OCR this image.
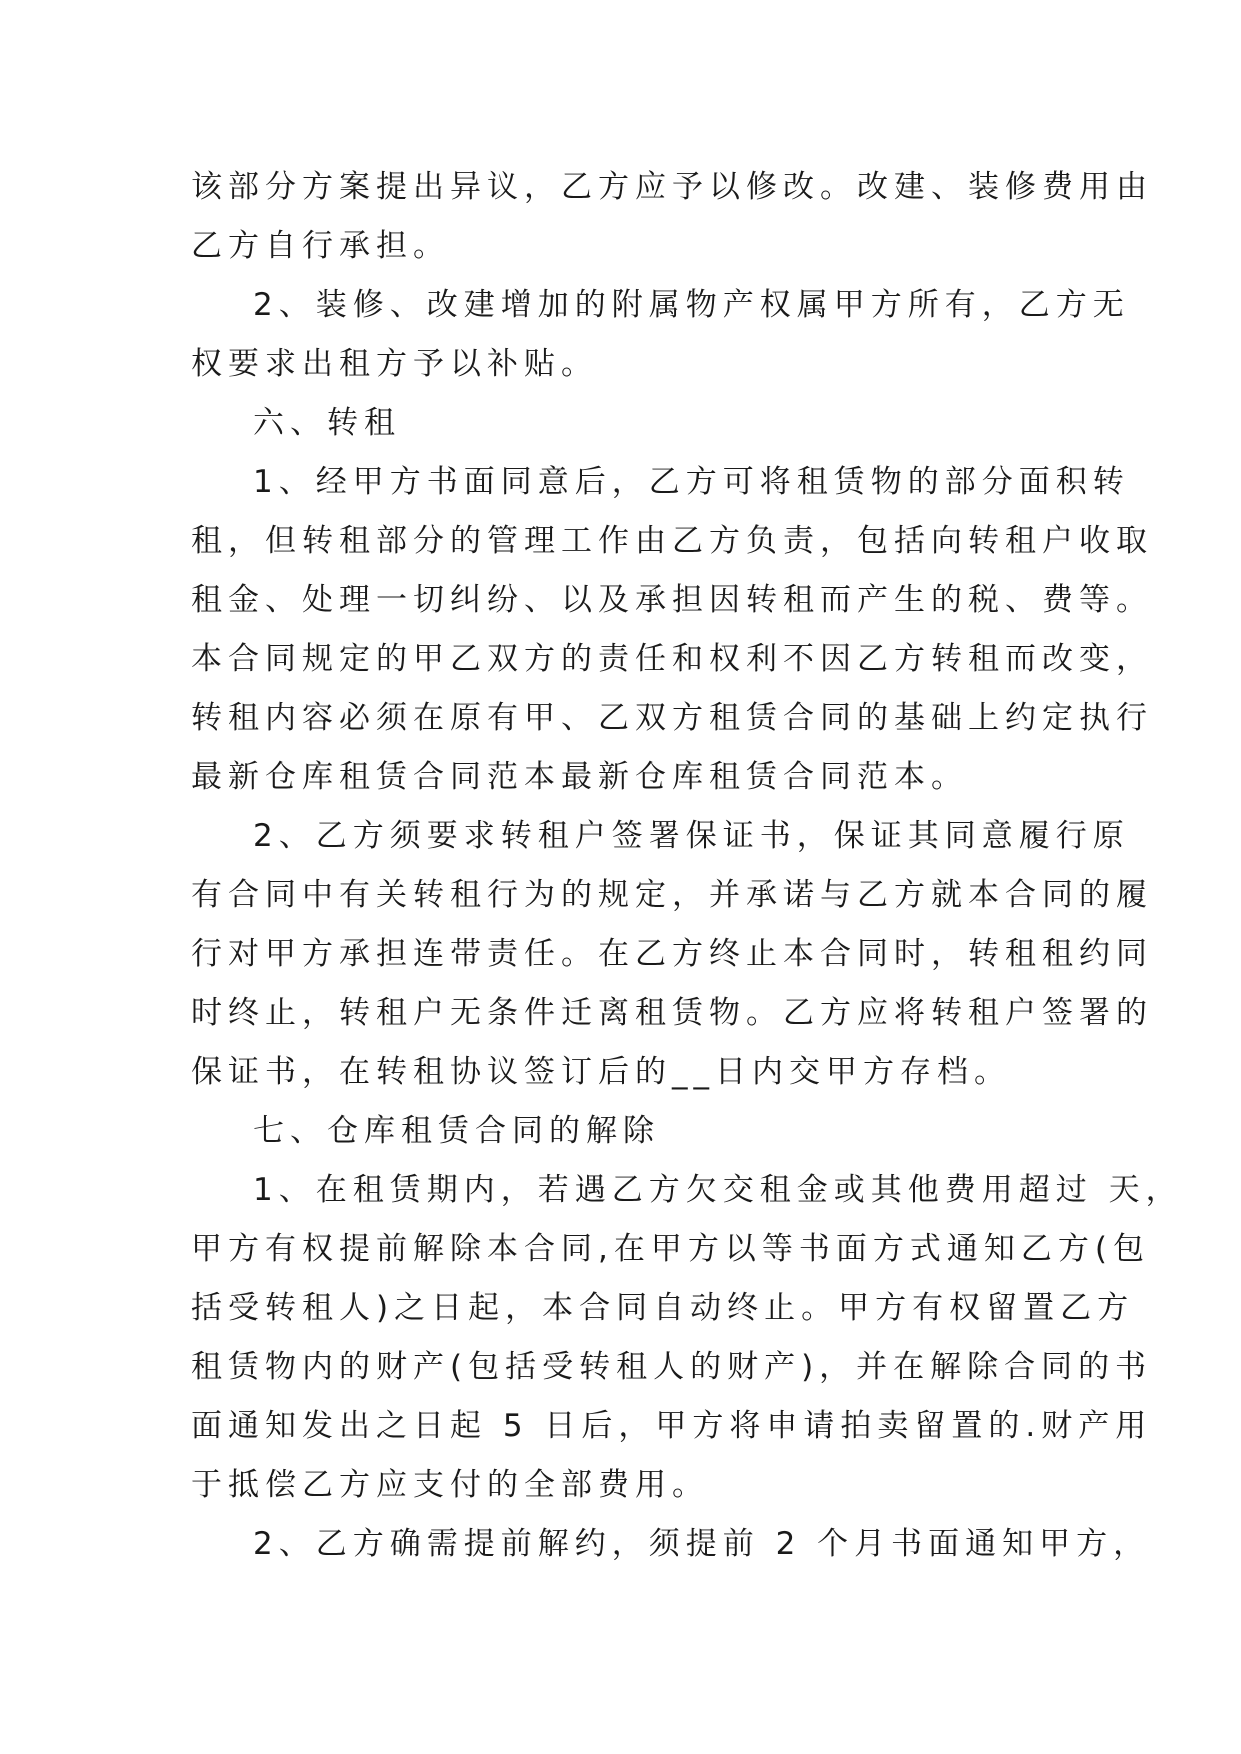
该部分方案提出异议，乙方应予以修改。改建、装修费用由
乙方自行承担。
2、装修、改建增加的附属物产权属甲方所有，乙方无
权要求出租方予以补贴。
六、转租
1、经甲方书面同意后，乙方可将租赁物的部分面积转
租，但转租部分的管理工作由乙方负责，包括向转租户收取
租金、处理一切纠纷、以及承担因转租而产生的税、费等。
本合同规定的甲乙双方的责任和权利不因乙方转租而改变，
转租内容必须在原有甲、乙双方租赁合同的基础上约定执行
最新仓库租赁合同范本最新仓库租赁合同范本。
2、乙方须要求转租户签署保证书，保证其同意履行原
有合同中有关转租行为的规定，并承诺与乙方就本合同的履
行对甲方承担连带责任。在乙方终止本合同时，转租租约同
时终止，转租户无条件迁离租赁物。乙方应将转租户签署的
保证书，在转租协议签订后的__日内交甲方存档。
七、仓库租赁合同的解除
1、在租赁期内，若遇乙方欠交租金或其他费用超过 天，
甲方有权提前解除本合同,在甲方以等书面方式通知乙方(包
括受转租人)之日起，本合同自动终止。甲方有权留置乙方
租赁物内的财产(包括受转租人的财产)，并在解除合同的书
面通知发出之日起 5 日后，甲方将申请拍卖留置的.财产用
于抵偿乙方应支付的全部费用。
2、乙方确需提前解约，须提前 2 个月书面通知甲方，
